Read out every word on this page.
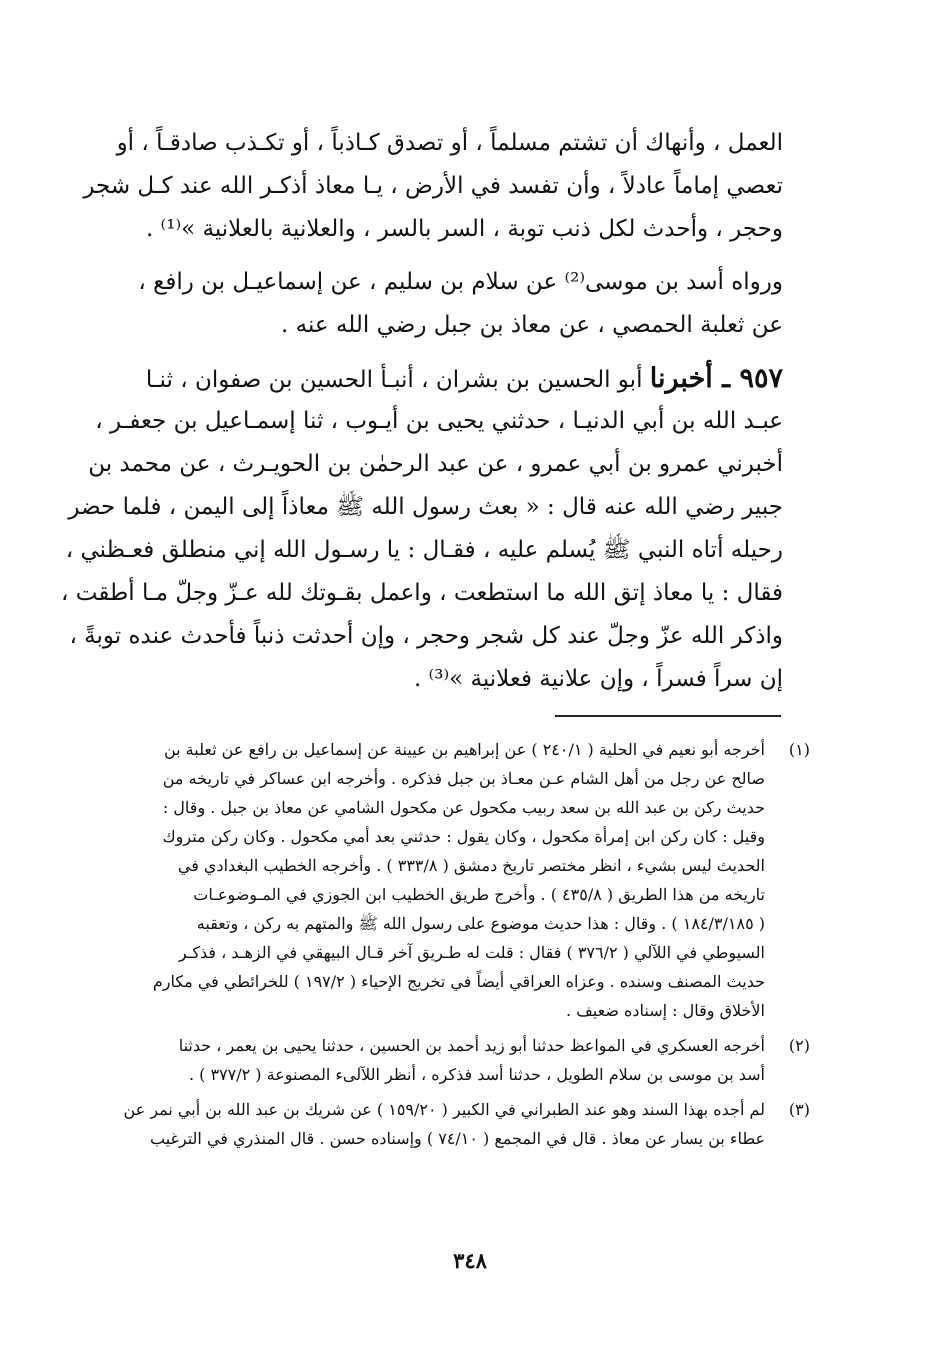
العمل ، وأنهاك أن تشتم مسلماً ، أو تصدق كـاذباً ، أو تكـذب صادقـاً ، أو
تعصي إماماً عادلاً ، وأن تفسد في الأرض ، يـا معاذ أذكـر الله عند كـل شجر
وحجر ، وأحدث لكل ذنب توبة ، السر بالسر ، والعلانية بالعلانية »⁽¹⁾ .
ورواه أسد بن موسى⁽²⁾ عن سلام بن سليم ، عن إسماعيـل بن رافع ،
عن ثعلبة الحمصي ، عن معاذ بن جبل رضي الله عنه .
٩٥٧ ـ أخبرنا أبو الحسين بن بشران ، أنبـأ الحسين بن صفوان ، ثنـا
عبـد الله بن أبي الدنيـا ، حدثني يحيى بن أيـوب ، ثنا إسمـاعيل بن جعفـر ،
أخبرني عمرو بن أبي عمرو ، عن عبد الرحمٰن بن الحويـرث ، عن محمد بن
جبير رضي الله عنه قال : « بعث رسول الله ﷺ معاذاً إلى اليمن ، فلما حضر
رحيله أتاه النبي ﷺ يُسلم عليه ، فقـال : يا رسـول الله إني منطلق فعـظني ،
فقال : يا معاذ إتق الله ما استطعت ، واعمل بقـوتك لله عـزّ وجلّ مـا أطقت ،
واذكر الله عزّ وجلّ عند كل شجر وحجر ، وإن أحدثت ذنباً فأحدث عنده توبةً ،
إن سراً فسراً ، وإن علانية فعلانية »⁽³⁾ .
(١)
أخرجه أبو نعيم في الحلية ( ٢٤٠/١ ) عن إبراهيم بن عيينة عن إسماعيل بن رافع عن ثعلبة بن
صالح عن رجل من أهل الشام عـن معـاذ بن جبل فذكره . وأخرجه ابن عساكر في تاريخه من
حديث ركن بن عبد الله بن سعد ربيب مكحول عن مكحول الشامي عن معاذ بن جبل . وقال :
وقيل : كان ركن ابن إمرأة مكحول ، وكان يقول : حدثني بعد أمي مكحول . وكان ركن متروك
الحديث ليس بشيء ، انظر مختصر تاريخ دمشق ( ٣٣٣/٨ ) . وأخرجه الخطيب البغدادي في
تاريخه من هذا الطريق ( ٤٣٥/٨ ) . وأخرج طريق الخطيب ابن الجوزي في المـوضوعـات
( ١٨٤/٣/١٨٥ ) . وقال : هذا حديث موضوع على رسول الله ﷺ والمتهم به ركن ، وتعقبه
السيوطي في اللآلي ( ٣٧٦/٢ ) فقال : قلت له طـريق آخر قـال البيهقي في الزهـد ، فذكـر
حديث المصنف وسنده . وعزاه العراقي أيضاً في تخريج الإحياء ( ١٩٧/٢ ) للخرائطي في مكارم
الأخلاق وقال : إسناده ضعيف .
(٢)
أخرجه العسكري في المواعظ حدثنا أبو زيد أحمد بن الحسين ، حدثنا يحيى بن يعمر ، حدثنا
أسد بن موسى بن سلام الطويل ، حدثنا أسد فذكره ، أنظر اللآلىء المصنوعة ( ٣٧٧/٢ ) .
(٣)
لم أجده بهذا السند وهو عند الطبراني في الكبير ( ١٥٩/٢٠ ) عن شريك بن عبد الله بن أبي نمر عن
عطاء بن يسار عن معاذ . قال في المجمع ( ٧٤/١٠ ) وإسناده حسن . قال المنذري في الترغيب
٣٤٨
